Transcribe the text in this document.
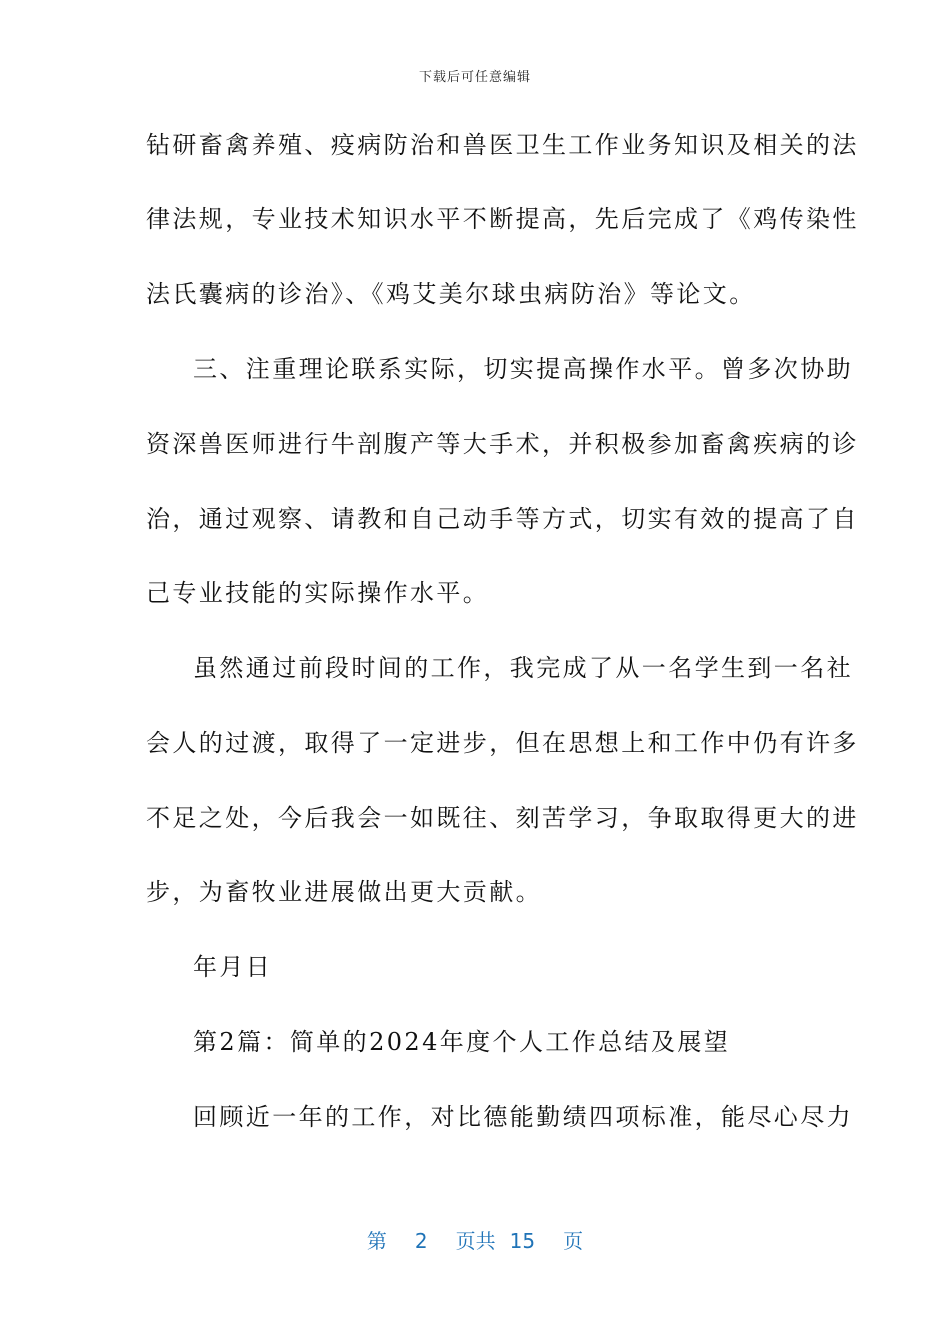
下载后可任意编辑
钻研畜禽养殖、疫病防治和兽医卫生工作业务知识及相关的法
律法规，专业技术知识水平不断提高，先后完成了《鸡传染性
法氏囊病的诊治》、《鸡艾美尔球虫病防治》等论文。
三、注重理论联系实际，切实提高操作水平。曾多次协助
资深兽医师进行牛剖腹产等大手术，并积极参加畜禽疾病的诊
治，通过观察、请教和自己动手等方式，切实有效的提高了自
己专业技能的实际操作水平。
虽然通过前段时间的工作，我完成了从一名学生到一名社
会人的过渡，取得了一定进步，但在思想上和工作中仍有许多
不足之处，今后我会一如既往、刻苦学习，争取取得更大的进
步，为畜牧业进展做出更大贡献。
年月日
第2篇：简单的2024年度个人工作总结及展望
回顾近一年的工作，对比德能勤绩四项标准，能尽心尽力
第 2 页共 15 页
